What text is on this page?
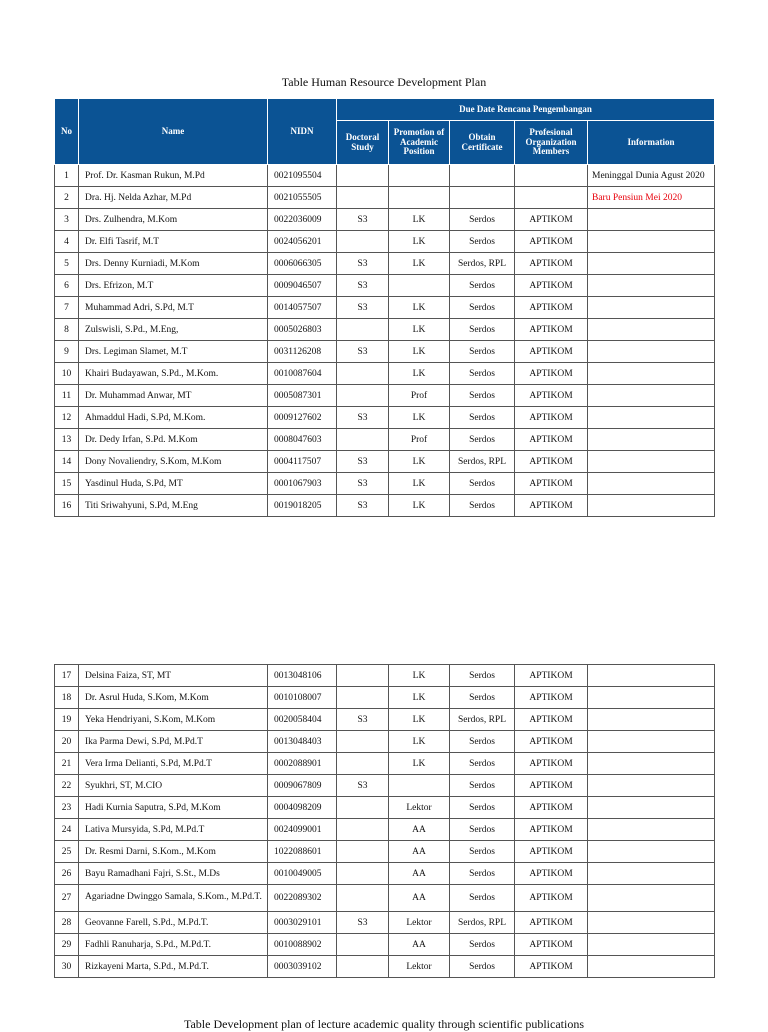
Table Human Resource Development Plan
No	Name	NIDN	Due Date Rencana Pengembangan				
			Doctoral Study	Promotion of Academic Position	Obtain Certificate	Profesional Organization Members	Information
1	Prof. Dr. Kasman Rukun, M.Pd	0021095504					Meninggal Dunia Agust 2020
2	Dra. Hj. Nelda Azhar, M.Pd	0021055505					Baru Pensiun Mei 2020
3	Drs. Zulhendra, M.Kom	0022036009	S3	LK	Serdos	APTIKOM	
4	Dr. Elfi Tasrif, M.T	0024056201		LK	Serdos	APTIKOM	
5	Drs. Denny Kurniadi, M.Kom	0006066305	S3	LK	Serdos, RPL	APTIKOM	
6	Drs. Efrizon, M.T	0009046507	S3		Serdos	APTIKOM	
7	Muhammad Adri, S.Pd, M.T	0014057507	S3	LK	Serdos	APTIKOM	
8	Zulswisli, S.Pd., M.Eng,	0005026803		LK	Serdos	APTIKOM	
9	Drs. Legiman Slamet, M.T	0031126208	S3	LK	Serdos	APTIKOM	
10	Khairi Budayawan, S.Pd., M.Kom.	0010087604		LK	Serdos	APTIKOM	
11	Dr. Muhammad Anwar, MT	0005087301		Prof	Serdos	APTIKOM	
12	Ahmaddul Hadi, S.Pd, M.Kom.	0009127602	S3	LK	Serdos	APTIKOM	
13	Dr. Dedy Irfan, S.Pd. M.Kom	0008047603		Prof	Serdos	APTIKOM	
14	Dony Novaliendry, S.Kom, M.Kom	0004117507	S3	LK	Serdos, RPL	APTIKOM	
15	Yasdinul Huda, S.Pd, MT	0001067903	S3	LK	Serdos	APTIKOM	
16	Titi Sriwahyuni, S.Pd, M.Eng	0019018205	S3	LK	Serdos	APTIKOM	
17	Delsina Faiza, ST, MT	0013048106		LK	Serdos	APTIKOM	
18	Dr. Asrul Huda, S.Kom, M.Kom	0010108007		LK	Serdos	APTIKOM	
19	Yeka Hendriyani, S.Kom, M.Kom	0020058404	S3	LK	Serdos, RPL	APTIKOM	
20	Ika Parma Dewi, S.Pd, M.Pd.T	0013048403		LK	Serdos	APTIKOM	
21	Vera Irma Delianti, S.Pd, M.Pd.T	0002088901		LK	Serdos	APTIKOM	
22	Syukhri, ST, M.CIO	0009067809	S3		Serdos	APTIKOM	
23	Hadi Kurnia Saputra, S.Pd, M.Kom	0004098209		Lektor	Serdos	APTIKOM	
24	Lativa Mursyida, S.Pd, M.Pd.T	0024099001		AA	Serdos	APTIKOM	
25	Dr. Resmi Darni, S.Kom., M.Kom	1022088601		AA	Serdos	APTIKOM	
26	Bayu Ramadhani Fajri, S.St., M.Ds	0010049005		AA	Serdos	APTIKOM	
27	Agariadne Dwinggo Samala, S.Kom., M.Pd.T.	0022089302		AA	Serdos	APTIKOM	
28	Geovanne Farell, S.Pd., M.Pd.T.	0003029101	S3	Lektor	Serdos, RPL	APTIKOM	
29	Fadhli Ranuharja, S.Pd., M.Pd.T.	0010088902		AA	Serdos	APTIKOM	
30	Rizkayeni Marta, S.Pd., M.Pd.T.	0003039102		Lektor	Serdos	APTIKOM	
Table Development plan of lecture academic quality through scientific publications
